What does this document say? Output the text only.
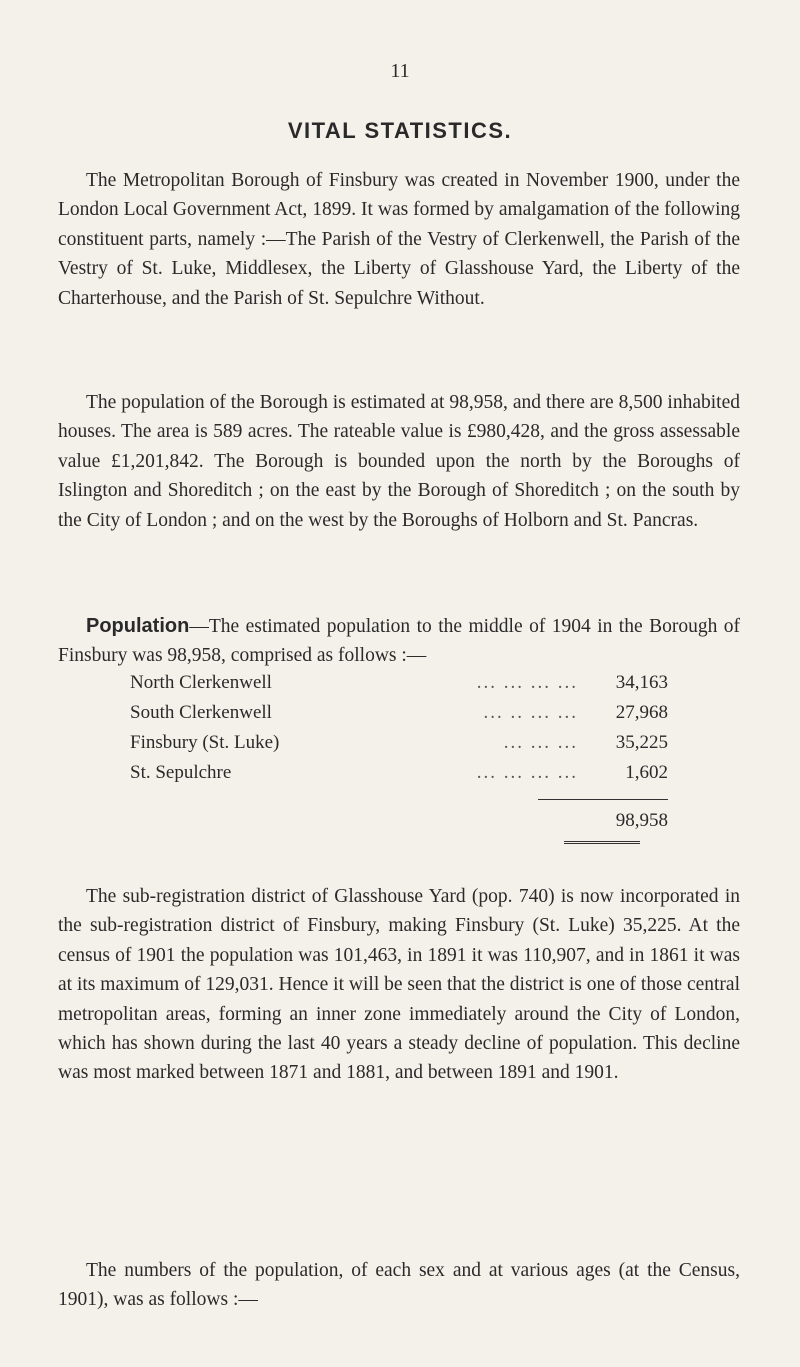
11
VITAL STATISTICS.

The Metropolitan Borough of Finsbury was created in November 1900, under the London Local Government Act, 1899. It was formed by amalgamation of the following constituent parts, namely :—The Parish of the Vestry of Clerkenwell, the Parish of the Vestry of St. Luke, Middlesex, the Liberty of Glasshouse Yard, the Liberty of the Charterhouse, and the Parish of St. Sepulchre Without.

The population of the Borough is estimated at 98,958, and there are 8,500 inhabited houses. The area is 589 acres. The rateable value is £980,428, and the gross assessable value £1,201,842. The Borough is bounded upon the north by the Boroughs of Islington and Shoreditch ; on the east by the Borough of Shoreditch ; on the south by the City of London ; and on the west by the Boroughs of Holborn and St. Pancras.

Population—The estimated population to the middle of 1904 in the Borough of Finsbury was 98,958, comprised as follows :—

North Clerkenwell	... ... ... ... 34,163
South Clerkenwell	... .. ... ... 27,968
Finsbury (St. Luke)	... ... ... 35,225
St. Sepulchre	... ... ... ... 1,602
98,958

The sub-registration district of Glasshouse Yard (pop. 740) is now incorporated in the sub-registration district of Finsbury, making Finsbury (St. Luke) 35,225. At the census of 1901 the population was 101,463, in 1891 it was 110,907, and in 1861 it was at its maximum of 129,031. Hence it will be seen that the district is one of those central metropolitan areas, forming an inner zone immediately around the City of London, which has shown during the last 40 years a steady decline of population. This decline was most marked between 1871 and 1881, and between 1891 and 1901.

The numbers of the population, of each sex and at various ages (at the Census, 1901), was as follows :—
